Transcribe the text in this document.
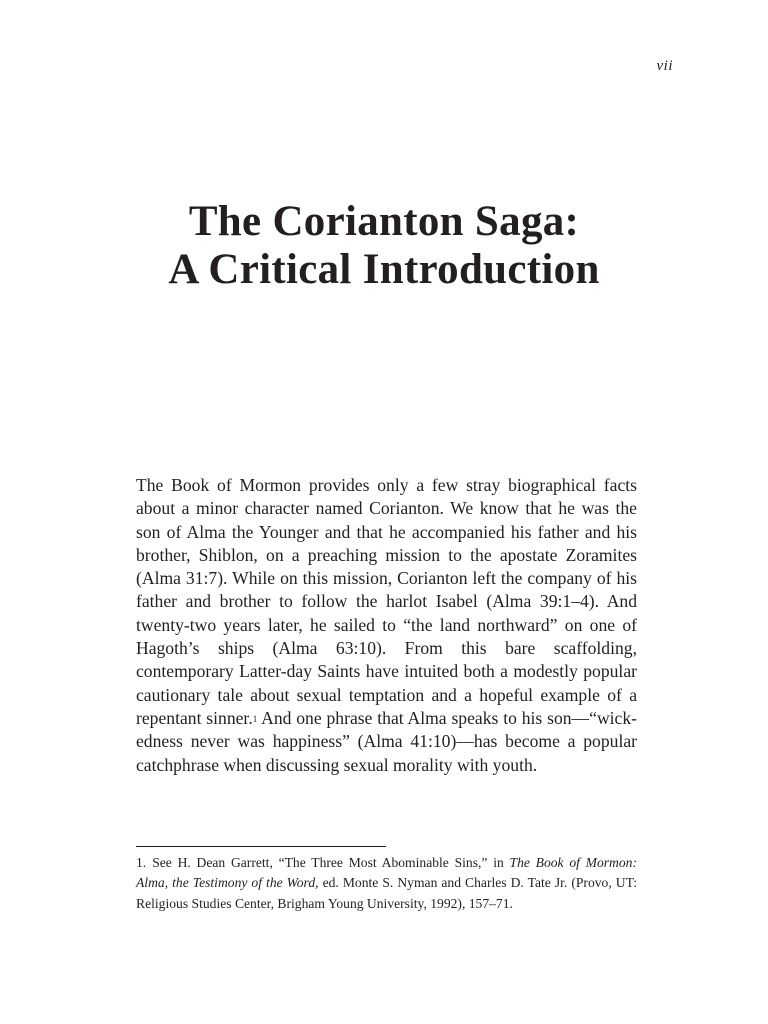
vii
The Corianton Saga:
A Critical Introduction
The Book of Mormon provides only a few stray biographical facts about a minor character named Corianton. We know that he was the son of Alma the Younger and that he accompanied his father and his brother, Shiblon, on a preaching mission to the apostate Zoramites (Alma 31:7). While on this mission, Corianton left the company of his father and brother to follow the harlot Isabel (Alma 39:1–4). And twenty-two years later, he sailed to “the land northward” on one of Hagoth’s ships (Alma 63:10). From this bare scaffolding, contemporary Latter-day Saints have intuited both a modestly popular cautionary tale about sexual temptation and a hopeful example of a repentant sinner.$^1$ And one phrase that Alma speaks to his son—“wickedness never was happiness” (Alma 41:10)—has become a popular catchphrase when discussing sexual morality with youth.
1. See H. Dean Garrett, “The Three Most Abominable Sins,” in The Book of Mormon: Alma, the Testimony of the Word, ed. Monte S. Nyman and Charles D. Tate Jr. (Provo, UT: Religious Studies Center, Brigham Young University, 1992), 157–71.
